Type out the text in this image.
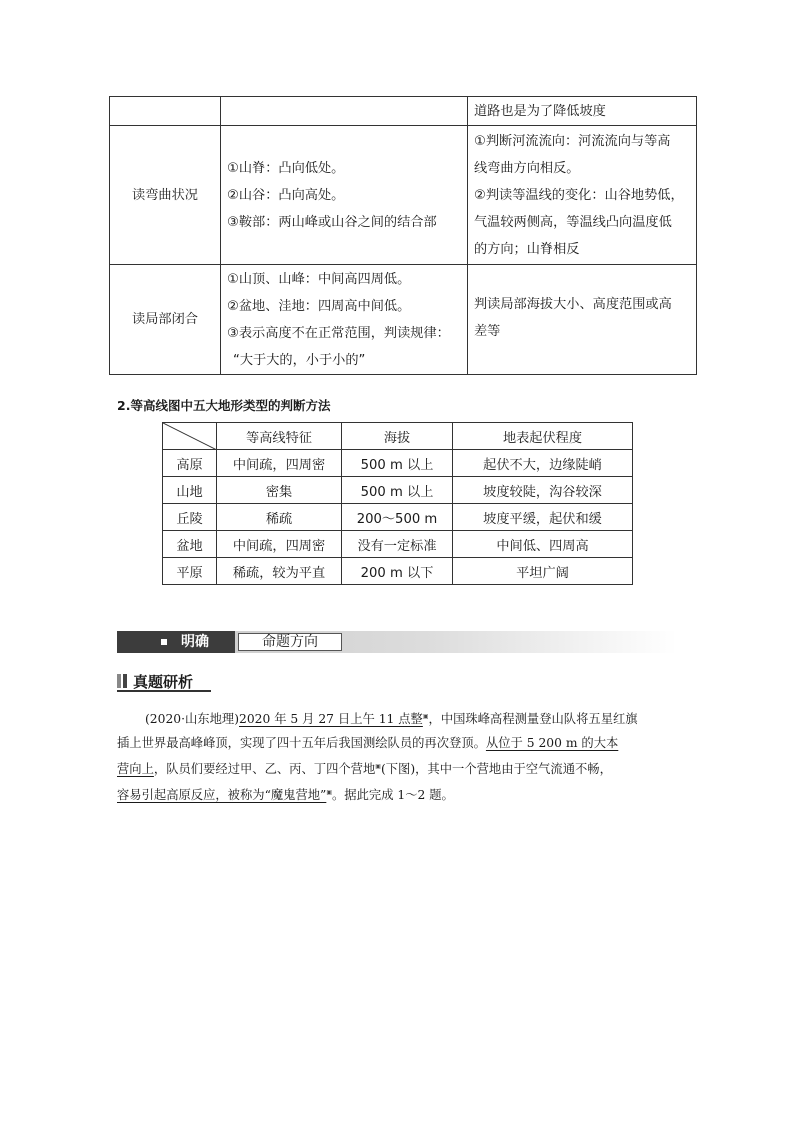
		道路也是为了降低坡度

读弯曲状况	①山脊：凸向低处。
②山谷：凸向高处。
③鞍部：两山峰或山谷之间的结合部	①判断河流流向：河流流向与等高
线弯曲方向相反。
②判读等温线的变化：山谷地势低，
气温较两侧高，等温线凸向温度低
的方向；山脊相反

读局部闭合	①山顶、山峰：中间高四周低。
②盆地、洼地：四周高中间低。
③表示高度不在正常范围，判读规律：
“大于大的，小于小的”	判读局部海拔大小、高度范围或高
差等
2.等高线图中五大地形类型的判断方法
	等高线特征	海拔	地表起伏程度
高原	中间疏，四周密	500 m 以上	起伏不大，边缘陡峭
山地	密集	500 m 以上	坡度较陡，沟谷较深
丘陵	稀疏	200～500 m	坡度平缓，起伏和缓
盆地	中间疏，四周密	没有一定标准	中间低、四周高
平原	稀疏，较为平直	200 m 以下	平坦广阔
明确	命题方向
真题研析
(2020·山东地理)2020 年 5 月 27 日上午 11 点整▣，中国珠峰高程测量登山队将五星红旗
插上世界最高峰峰顶，实现了四十五年后我国测绘队员的再次登顶。从位于 5 200 m 的大本
营向上，队员们要经过甲、乙、丙、丁四个营地▣(下图)，其中一个营地由于空气流通不畅，
容易引起高原反应，被称为“魔鬼营地”▣。据此完成 1～2 题。
